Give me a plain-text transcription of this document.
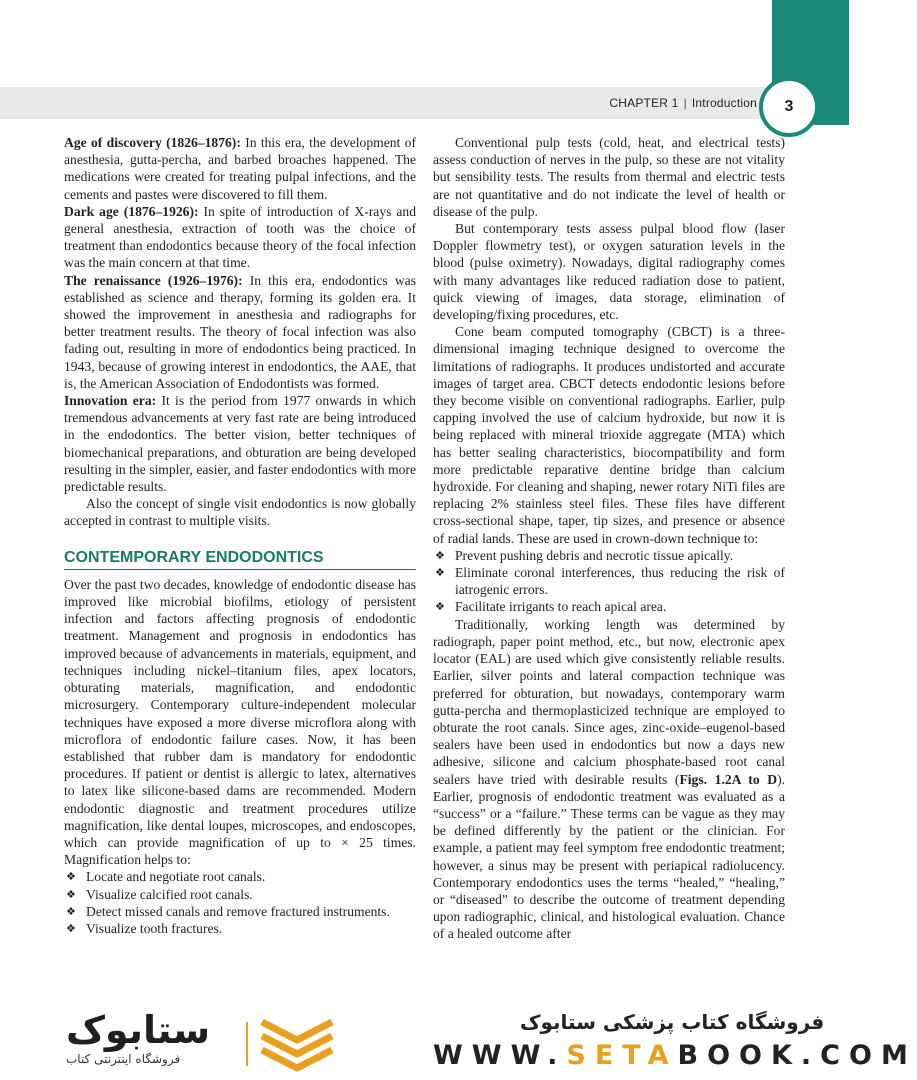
CHAPTER 1 | Introduction	3

Age of discovery (1826–1876): In this era, the development of anesthesia, gutta-percha, and barbed broaches happened. The medications were created for treating pulpal infections, and the cements and pastes were discovered to fill them.

Dark age (1876–1926): In spite of introduction of X-rays and general anesthesia, extraction of tooth was the choice of treatment than endodontics because theory of the focal infection was the main concern at that time.

The renaissance (1926–1976): In this era, endodontics was established as science and therapy, forming its golden era. It showed the improvement in anesthesia and radiographs for better treatment results. The theory of focal infection was also fading out, resulting in more of endodontics being practiced. In 1943, because of growing interest in endodontics, the AAE, that is, the American Association of Endodontists was formed.

Innovation era: It is the period from 1977 onwards in which tremendous advancements at very fast rate are being introduced in the endodontics. The better vision, better techniques of biomechanical preparations, and obturation are being developed resulting in the simpler, easier, and faster endodontics with more predictable results.

Also the concept of single visit endodontics is now globally accepted in contrast to multiple visits.

CONTEMPORARY ENDODONTICS

Over the past two decades, knowledge of endodontic disease has improved like microbial biofilms, etiology of persistent infection and factors affecting prognosis of endodontic treatment. Management and prognosis in endodontics has improved because of advancements in materials, equipment, and techniques including nickel–titanium files, apex locators, obturating materials, magnification, and endodontic microsurgery. Contemporary culture-independent molecular techniques have exposed a more diverse microflora along with microflora of endodontic failure cases. Now, it has been established that rubber dam is mandatory for endodontic procedures. If patient or dentist is allergic to latex, alternatives to latex like silicone-based dams are recommended. Modern endodontic diagnostic and treatment procedures utilize magnification, like dental loupes, microscopes, and endoscopes, which can provide magnification of up to × 25 times. Magnification helps to:

❖ Locate and negotiate root canals.
❖ Visualize calcified root canals.
❖ Detect missed canals and remove fractured instruments.
❖ Visualize tooth fractures.

Conventional pulp tests (cold, heat, and electrical tests) assess conduction of nerves in the pulp, so these are not vitality but sensibility tests. The results from thermal and electric tests are not quantitative and do not indicate the level of health or disease of the pulp.

But contemporary tests assess pulpal blood flow (laser Doppler flowmetry test), or oxygen saturation levels in the blood (pulse oximetry). Nowadays, digital radiography comes with many advantages like reduced radiation dose to patient, quick viewing of images, data storage, elimination of developing/fixing procedures, etc.

Cone beam computed tomography (CBCT) is a three-dimensional imaging technique designed to overcome the limitations of radiographs. It produces undistorted and accurate images of target area. CBCT detects endodontic lesions before they become visible on conventional radiographs. Earlier, pulp capping involved the use of calcium hydroxide, but now it is being replaced with mineral trioxide aggregate (MTA) which has better sealing characteristics, biocompatibility and form more predictable reparative dentine bridge than calcium hydroxide. For cleaning and shaping, newer rotary NiTi files are replacing 2% stainless steel files. These files have different cross-sectional shape, taper, tip sizes, and presence or absence of radial lands. These are used in crown-down technique to:

❖ Prevent pushing debris and necrotic tissue apically.
❖ Eliminate coronal interferences, thus reducing the risk of iatrogenic errors.
❖ Facilitate irrigants to reach apical area.

Traditionally, working length was determined by radiograph, paper point method, etc., but now, electronic apex locator (EAL) are used which give consistently reliable results. Earlier, silver points and lateral compaction technique was preferred for obturation, but nowadays, contemporary warm gutta-percha and thermoplasticized technique are employed to obturate the root canals. Since ages, zinc-oxide–eugenol-based sealers have been used in endodontics but now a days new adhesive, silicone and calcium phosphate-based root canal sealers have tried with desirable results (Figs. 1.2A to D). Earlier, prognosis of endodontic treatment was evaluated as a “success” or a “failure.” These terms can be vague as they may be defined differently by the patient or the clinician. For example, a patient may feel symptom free endodontic treatment; however, a sinus may be present with periapical radiolucency. Contemporary endodontics uses the terms “healed,” “healing,” or “diseased” to describe the outcome of treatment depending upon radiographic, clinical, and histological evaluation. Chance of a healed outcome after

ستابوک
فروشگاه اینترنتی کتاب
فروشگاه کتاب پزشکی ستابوک
WWW.SETABOOK.COM
